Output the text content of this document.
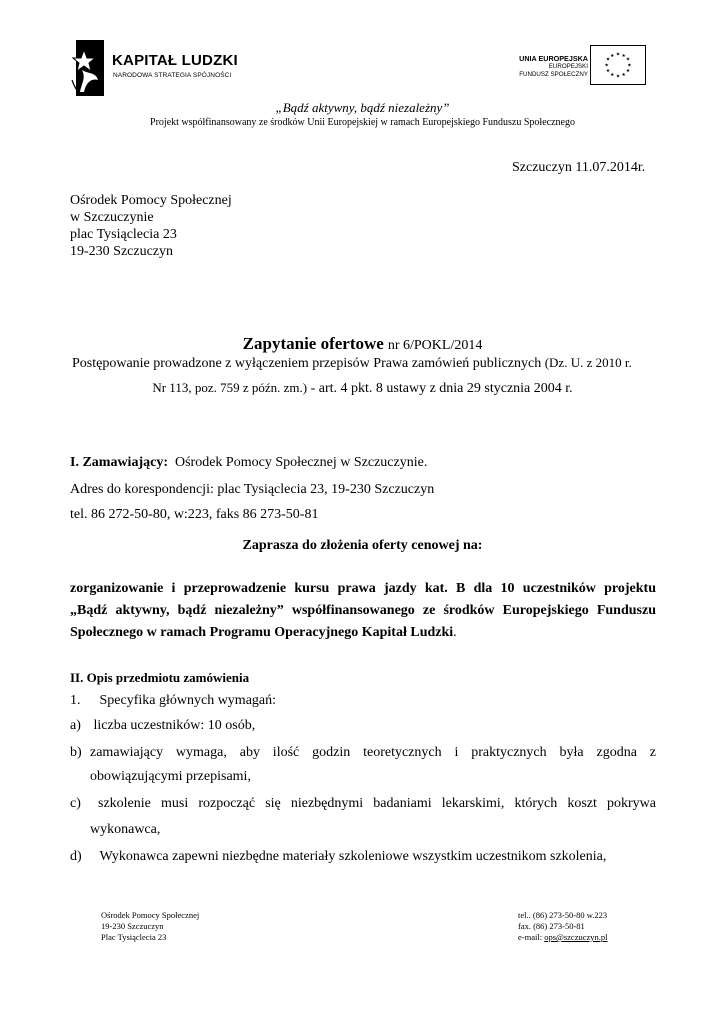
KAPITAŁ LUDZKI
NARODOWA STRATEGIA SPÓJNOŚCI
UNIA EUROPEJSKA
EUROPEJSKI
FUNDUSZ SPOŁECZNY
★ ★
★
★
★
★
★
★
★
★
★
★
„Bądź aktywny, bądź niezależny”
Projekt współfinansowany ze środków Unii Europejskiej w ramach Europejskiego Funduszu Społecznego
Szczuczyn 11.07.2014r.
Ośrodek Pomocy Społecznej
w Szczuczynie
plac Tysiąclecia 23
19-230 Szczuczyn
Zapytanie ofertowe nr 6/POKL/2014
Postępowanie prowadzone z wyłączeniem przepisów Prawa zamówień publicznych (Dz. U. z 2010 r.
Nr 113, poz. 759 z późn. zm.) - art. 4 pkt. 8 ustawy z dnia 29 stycznia 2004 r.
I. Zamawiający: Ośrodek Pomocy Społecznej w Szczuczynie.
Adres do korespondencji: plac Tysiąclecia 23, 19-230 Szczuczyn
tel. 86 272-50-80, w:223, faks 86 273-50-81
Zaprasza do złożenia oferty cenowej na:
zorganizowanie i przeprowadzenie kursu prawa jazdy kat. B dla 10 uczestników projektu
„Bądź aktywny, bądź niezależny” współfinansowanego ze środków Europejskiego Funduszu
Społecznego w ramach Programu Operacyjnego Kapitał Ludzki.
II. Opis przedmiotu zamówienia
1. Specyfika głównych wymagań:
a) liczba uczestników: 10 osób,
b) zamawiający wymaga, aby ilość godzin teoretycznych i praktycznych była zgodna z
obowiązującymi przepisami,
c) szkolenie musi rozpocząć się niezbędnymi badaniami lekarskimi, których koszt pokrywa
wykonawca,
d) Wykonawca zapewni niezbędne materiały szkoleniowe wszystkim uczestnikom szkolenia,
Ośrodek Pomocy Społecznej
19-230 Szczuczyn
Plac Tysiąclecia 23
tel.. (86) 273-50-80 w.223
fax. (86) 273-50-81
e-mail: ops@szczuczyn.pl
